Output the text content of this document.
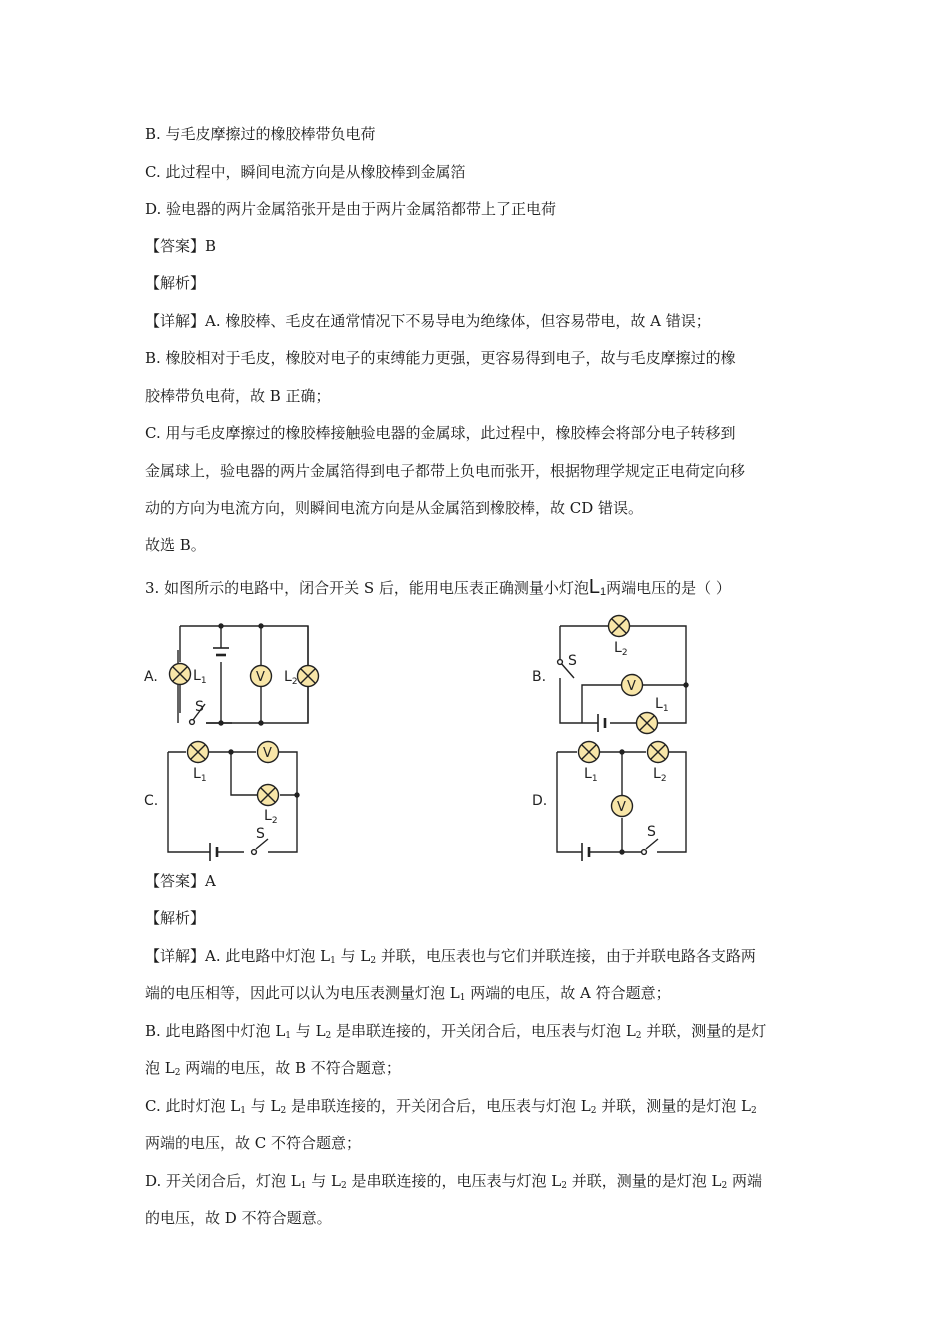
B. 与毛皮摩擦过的橡胶棒带负电荷
C. 此过程中，瞬间电流方向是从橡胶棒到金属箔
D. 验电器的两片金属箔张开是由于两片金属箔都带上了正电荷
【答案】B
【解析】
【详解】A. 橡胶棒、毛皮在通常情况下不易导电为绝缘体，但容易带电，故 A 错误；
B. 橡胶相对于毛皮，橡胶对电子的束缚能力更强，更容易得到电子，故与毛皮摩擦过的橡
胶棒带负电荷，故 B 正确；
C. 用与毛皮摩擦过的橡胶棒接触验电器的金属球，此过程中，橡胶棒会将部分电子转移到
金属球上，验电器的两片金属箔得到电子都带上负电而张开，根据物理学规定正电荷定向移
动的方向为电流方向，则瞬间电流方向是从金属箔到橡胶棒，故 CD 错误。
故选 B。
3. 如图所示的电路中，闭合开关 S 后，能用电压表正确测量小灯泡L1两端电压的是（ ）
A.	B.
C.	D.
V
V
V
V
S
S
S	S
$L_1$	$L_2$
$L_2$
$L_1$
$L_1$
$L_2$
$L_1$	$L_2$
【答案】A
【解析】
【详解】A. 此电路中灯泡 $L_1$ 与 $L_2$ 并联，电压表也与它们并联连接，由于并联电路各支路两
端的电压相等，因此可以认为电压表测量灯泡 $L_1$ 两端的电压，故 A 符合题意；
B. 此电路图中灯泡 $L_1$ 与 $L_2$ 是串联连接的，开关闭合后，电压表与灯泡 $L_2$ 并联，测量的是灯
泡 $L_2$ 两端的电压，故 B 不符合题意；
C. 此时灯泡 $L_1$ 与 $L_2$ 是串联连接的，开关闭合后，电压表与灯泡 $L_2$ 并联，测量的是灯泡 $L_2$
两端的电压，故 C 不符合题意；
D. 开关闭合后，灯泡 $L_1$ 与 $L_2$ 是串联连接的，电压表与灯泡 $L_2$ 并联，测量的是灯泡 $L_2$ 两端
的电压，故 D 不符合题意。
